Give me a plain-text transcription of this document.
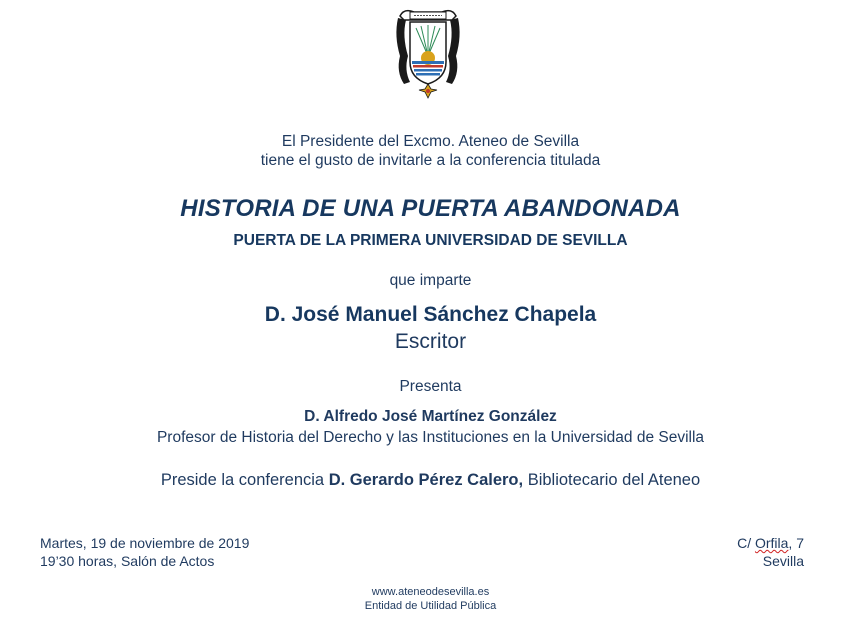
El Presidente del Excmo. Ateneo de Sevilla
tiene el gusto de invitarle a la conferencia titulada
HISTORIA DE UNA PUERTA ABANDONADA
PUERTA DE LA PRIMERA UNIVERSIDAD DE SEVILLA
que imparte
D. José Manuel Sánchez Chapela
Escritor
Presenta
D. Alfredo José Martínez González
Profesor de Historia del Derecho y las Instituciones en la Universidad de Sevilla
Preside la conferencia D. Gerardo Pérez Calero, Bibliotecario del Ateneo
Martes, 19 de noviembre de 2019
19’30 horas, Salón de Actos
C/ Orfila, 7
Sevilla
www.ateneodesevilla.es
Entidad de Utilidad Pública
